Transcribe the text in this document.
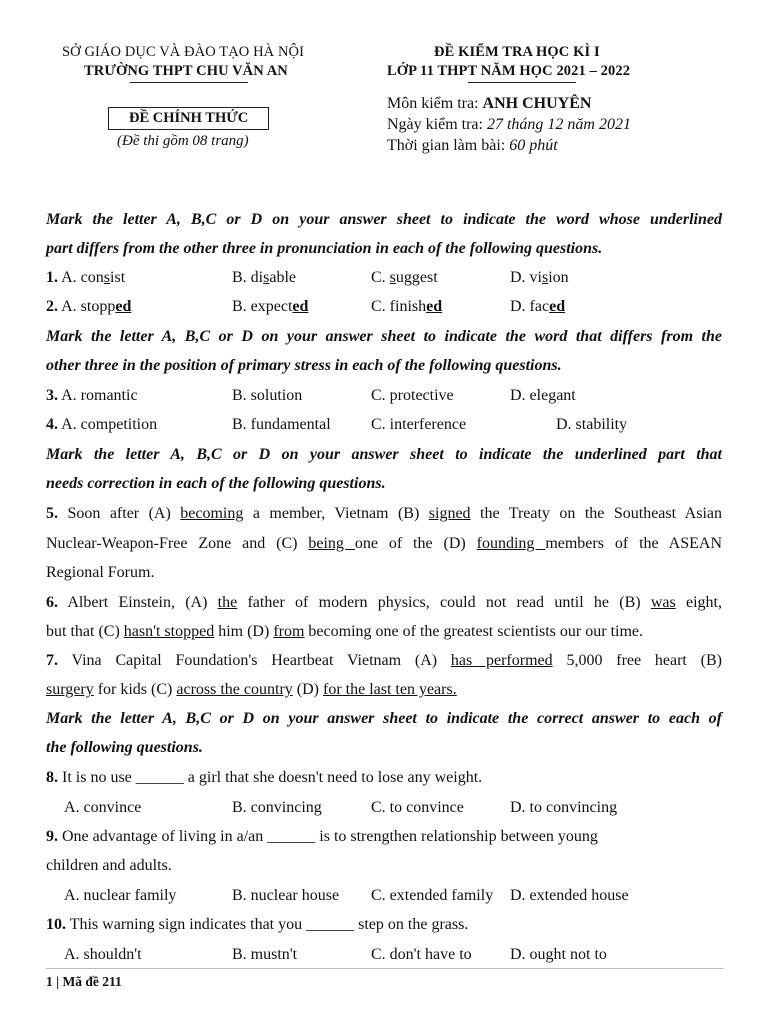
SỞ GIÁO DỤC VÀ ĐÀO TẠO HÀ NỘI
TRƯỜNG THPT CHU VĂN AN
ĐỀ CHÍNH THỨC
(Đề thi gồm 08 trang)
ĐỀ KIỂM TRA HỌC KÌ I
LỚP 11 THPT NĂM HỌC 2021 – 2022
Môn kiểm tra: ANH CHUYÊN
Ngày kiểm tra: 27 tháng 12 năm 2021
Thời gian làm bài: 60 phút
Mark the letter A, B,C or D on your answer sheet to indicate the word whose underlined
part differs from the other three in pronunciation in each of the following questions.
1. A. consist	B. disable	C. suggest	D. vision
2. A. stopped	B. expected	C. finished	D. faced
Mark the letter A, B,C or D on your answer sheet to indicate the word that differs from the
other three in the position of primary stress in each of the following questions.
3. A. romantic	B. solution	C. protective	D. elegant
4. A. competition	B. fundamental	C. interference	D. stability
Mark the letter A, B,C or D on your answer sheet to indicate the underlined part that
needs correction in each of the following questions.
5. Soon after (A) becoming a member, Vietnam (B) signed the Treaty on the Southeast Asian
Nuclear-Weapon-Free Zone and (C) being one of the (D) founding members of the ASEAN
Regional Forum.
6. Albert Einstein, (A) the father of modern physics, could not read until he (B) was eight,
but that (C) hasn't stopped him (D) from becoming one of the greatest scientists our our time.
7. Vina Capital Foundation's Heartbeat Vietnam (A) has performed 5,000 free heart (B)
surgery for kids (C) across the country (D) for the last ten years.
Mark the letter A, B,C or D on your answer sheet to indicate the correct answer to each of
the following questions.
8. It is no use ______ a girl that she doesn't need to lose any weight.
A. convince	B. convincing	C. to convince	D. to convincing
9. One advantage of living in a/an ______ is to strengthen relationship between young
children and adults.
A. nuclear family	B. nuclear house C. extended family D. extended house
10. This warning sign indicates that you ______ step on the grass.
A. shouldn't	B. mustn't	C. don't have to D. ought not to
1 | Mã đề 211
